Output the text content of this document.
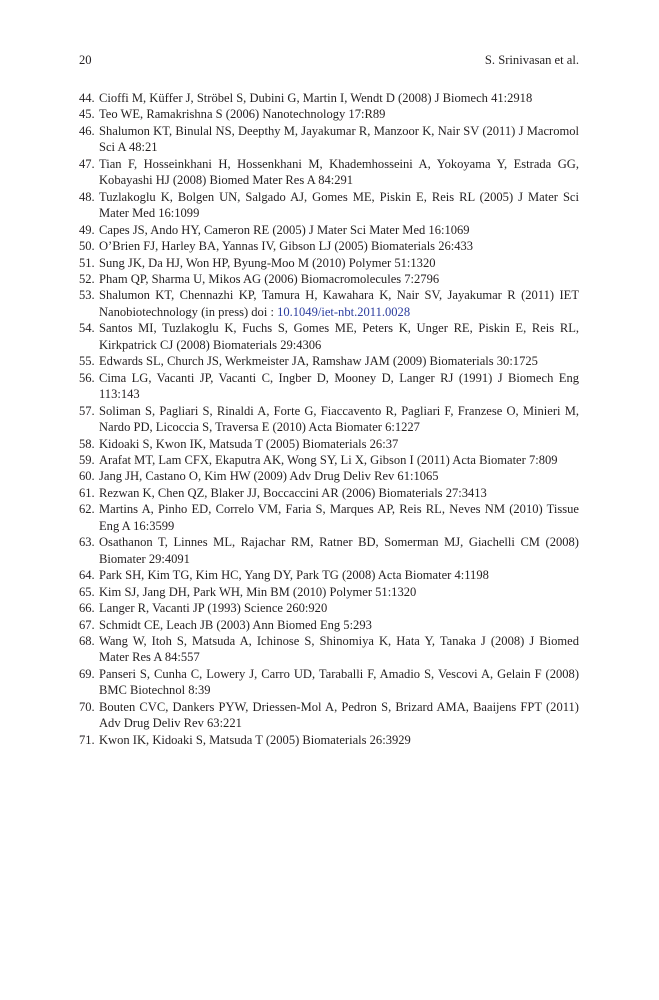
20	S. Srinivasan et al.
44. Cioffi M, Küffer J, Ströbel S, Dubini G, Martin I, Wendt D (2008) J Biomech 41:2918
45. Teo WE, Ramakrishna S (2006) Nanotechnology 17:R89
46. Shalumon KT, Binulal NS, Deepthy M, Jayakumar R, Manzoor K, Nair SV (2011) J Macromol Sci A 48:21
47. Tian F, Hosseinkhani H, Hossenkhani M, Khademhosseini A, Yokoyama Y, Estrada GG, Kobayashi HJ (2008) Biomed Mater Res A 84:291
48. Tuzlakoglu K, Bolgen UN, Salgado AJ, Gomes ME, Piskin E, Reis RL (2005) J Mater Sci Mater Med 16:1099
49. Capes JS, Ando HY, Cameron RE (2005) J Mater Sci Mater Med 16:1069
50. O’Brien FJ, Harley BA, Yannas IV, Gibson LJ (2005) Biomaterials 26:433
51. Sung JK, Da HJ, Won HP, Byung-Moo M (2010) Polymer 51:1320
52. Pham QP, Sharma U, Mikos AG (2006) Biomacromolecules 7:2796
53. Shalumon KT, Chennazhi KP, Tamura H, Kawahara K, Nair SV, Jayakumar R (2011) IET Nanobiotechnology (in press) doi : 10.1049/iet-nbt.2011.0028
54. Santos MI, Tuzlakoglu K, Fuchs S, Gomes ME, Peters K, Unger RE, Piskin E, Reis RL, Kirkpatrick CJ (2008) Biomaterials 29:4306
55. Edwards SL, Church JS, Werkmeister JA, Ramshaw JAM (2009) Biomaterials 30:1725
56. Cima LG, Vacanti JP, Vacanti C, Ingber D, Mooney D, Langer RJ (1991) J Biomech Eng 113:143
57. Soliman S, Pagliari S, Rinaldi A, Forte G, Fiaccavento R, Pagliari F, Franzese O, Minieri M, Nardo PD, Licoccia S, Traversa E (2010) Acta Biomater 6:1227
58. Kidoaki S, Kwon IK, Matsuda T (2005) Biomaterials 26:37
59. Arafat MT, Lam CFX, Ekaputra AK, Wong SY, Li X, Gibson I (2011) Acta Biomater 7:809
60. Jang JH, Castano O, Kim HW (2009) Adv Drug Deliv Rev 61:1065
61. Rezwan K, Chen QZ, Blaker JJ, Boccaccini AR (2006) Biomaterials 27:3413
62. Martins A, Pinho ED, Correlo VM, Faria S, Marques AP, Reis RL, Neves NM (2010) Tissue Eng A 16:3599
63. Osathanon T, Linnes ML, Rajachar RM, Ratner BD, Somerman MJ, Giachelli CM (2008) Biomater 29:4091
64. Park SH, Kim TG, Kim HC, Yang DY, Park TG (2008) Acta Biomater 4:1198
65. Kim SJ, Jang DH, Park WH, Min BM (2010) Polymer 51:1320
66. Langer R, Vacanti JP (1993) Science 260:920
67. Schmidt CE, Leach JB (2003) Ann Biomed Eng 5:293
68. Wang W, Itoh S, Matsuda A, Ichinose S, Shinomiya K, Hata Y, Tanaka J (2008) J Biomed Mater Res A 84:557
69. Panseri S, Cunha C, Lowery J, Carro UD, Taraballi F, Amadio S, Vescovi A, Gelain F (2008) BMC Biotechnol 8:39
70. Bouten CVC, Dankers PYW, Driessen-Mol A, Pedron S, Brizard AMA, Baaijens FPT (2011) Adv Drug Deliv Rev 63:221
71. Kwon IK, Kidoaki S, Matsuda T (2005) Biomaterials 26:3929
